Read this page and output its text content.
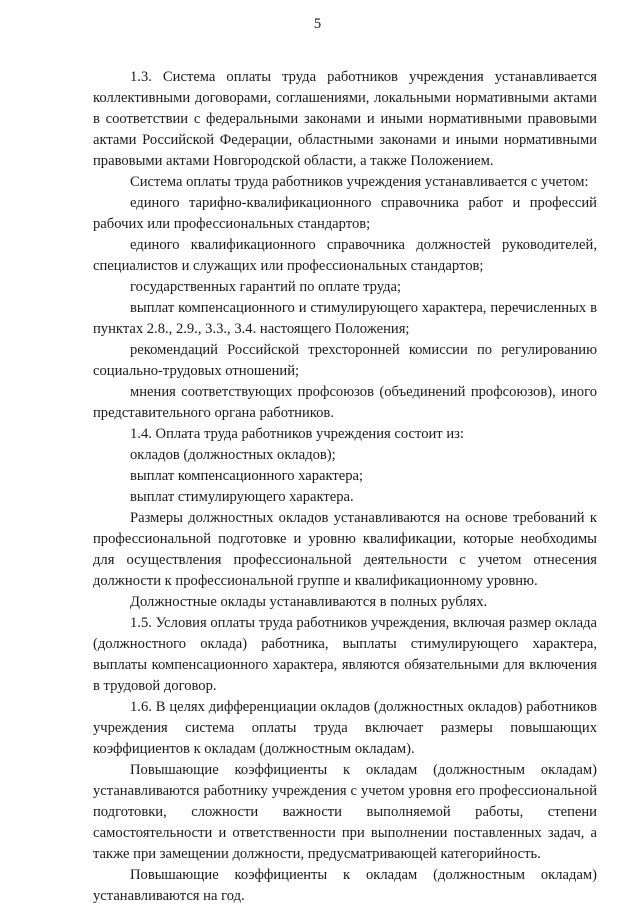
5

1.3. Система оплаты труда работников учреждения устанавливается коллективными договорами, соглашениями, локальными нормативными актами в соответствии с федеральными законами и иными нормативными правовыми актами Российской Федерации, областными законами и иными нормативными правовыми актами Новгородской области, а также Положением.

Система оплаты труда работников учреждения устанавливается с учетом:

единого тарифно-квалификационного справочника работ и профессий рабочих или профессиональных стандартов;

единого квалификационного справочника должностей руководителей, специалистов и служащих или профессиональных стандартов;

государственных гарантий по оплате труда;

выплат компенсационного и стимулирующего характера, перечисленных в пунктах 2.8., 2.9., 3.3., 3.4. настоящего Положения;

рекомендаций Российской трехсторонней комиссии по регулированию социально-трудовых отношений;

мнения соответствующих профсоюзов (объединений профсоюзов), иного представительного органа работников.

1.4. Оплата труда работников учреждения состоит из:

окладов (должностных окладов);

выплат компенсационного характера;

выплат стимулирующего характера.

Размеры должностных окладов устанавливаются на основе требований к профессиональной подготовке и уровню квалификации, которые необходимы для осуществления профессиональной деятельности с учетом отнесения должности к профессиональной группе и квалификационному уровню.

Должностные оклады устанавливаются в полных рублях.

1.5. Условия оплаты труда работников учреждения, включая размер оклада (должностного оклада) работника, выплаты стимулирующего характера, выплаты компенсационного характера, являются обязательными для включения в трудовой договор.

1.6. В целях дифференциации окладов (должностных окладов) работников учреждения система оплаты труда включает размеры повышающих коэффициентов к окладам (должностным окладам).

Повышающие коэффициенты к окладам (должностным окладам) устанавливаются работнику учреждения с учетом уровня его профессиональной подготовки, сложности важности выполняемой работы, степени самостоятельности и ответственности при выполнении поставленных задач, а также при замещении должности, предусматривающей категорийность.

Повышающие коэффициенты к окладам (должностным окладам) устанавливаются на год.
